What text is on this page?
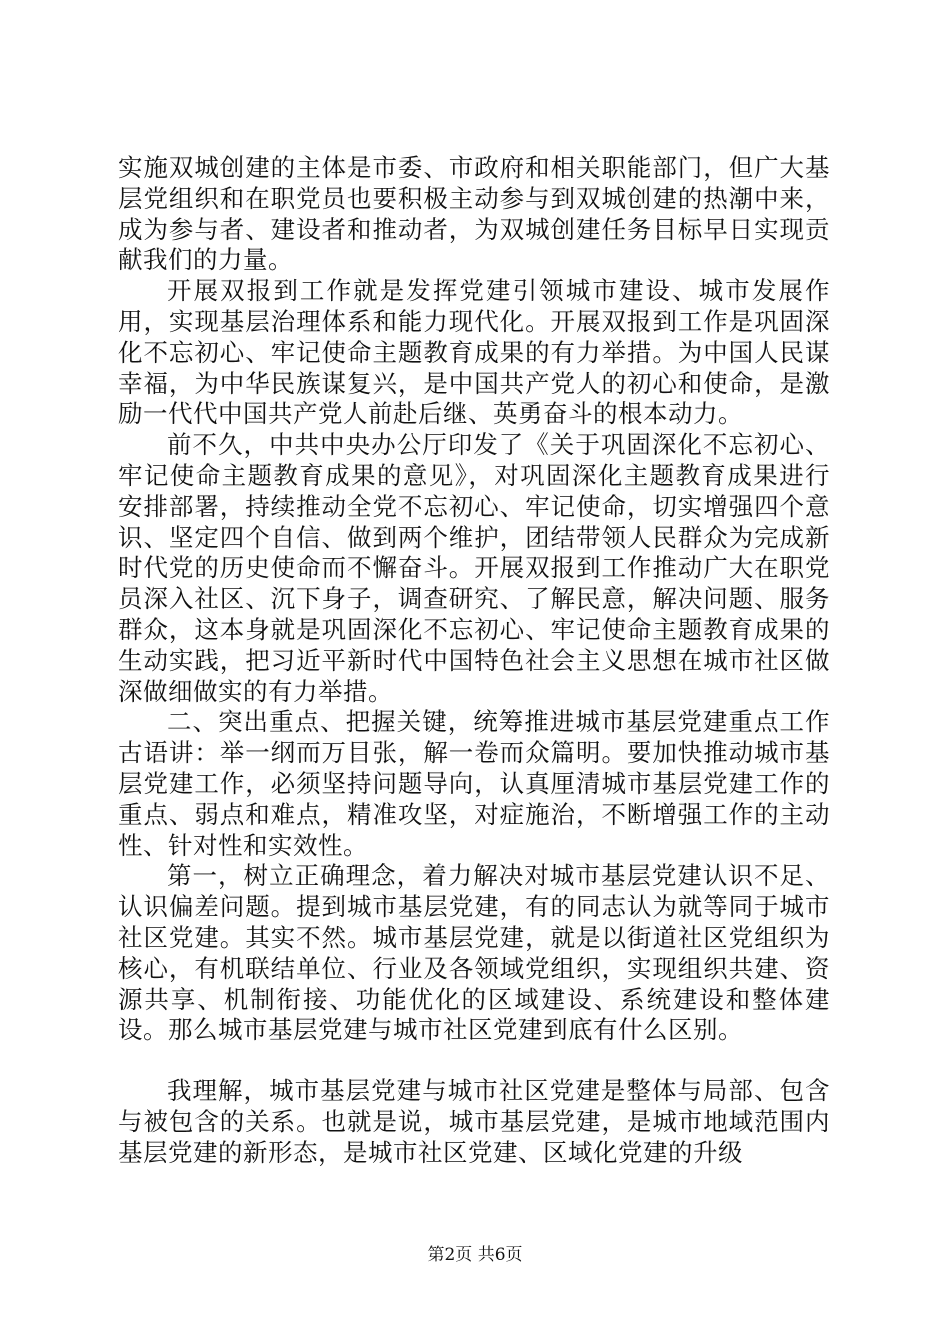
实施双城创建的主体是市委、市政府和相关职能部门，但广大基层党组织和在职党员也要积极主动参与到双城创建的热潮中来，成为参与者、建设者和推动者，为双城创建任务目标早日实现贡献我们的力量。

开展双报到工作就是发挥党建引领城市建设、城市发展作用，实现基层治理体系和能力现代化。开展双报到工作是巩固深化不忘初心、牢记使命主题教育成果的有力举措。为中国人民谋幸福，为中华民族谋复兴，是中国共产党人的初心和使命，是激励一代代中国共产党人前赴后继、英勇奋斗的根本动力。

前不久，中共中央办公厅印发了《关于巩固深化不忘初心、牢记使命主题教育成果的意见》，对巩固深化主题教育成果进行安排部署，持续推动全党不忘初心、牢记使命，切实增强四个意识、坚定四个自信、做到两个维护，团结带领人民群众为完成新时代党的历史使命而不懈奋斗。开展双报到工作推动广大在职党员深入社区、沉下身子，调查研究、了解民意，解决问题、服务群众，这本身就是巩固深化不忘初心、牢记使命主题教育成果的生动实践，把习近平新时代中国特色社会主义思想在城市社区做深做细做实的有力举措。

二、突出重点、把握关键，统筹推进城市基层党建重点工作古语讲：举一纲而万目张，解一卷而众篇明。要加快推动城市基层党建工作，必须坚持问题导向，认真厘清城市基层党建工作的重点、弱点和难点，精准攻坚，对症施治，不断增强工作的主动性、针对性和实效性。

第一，树立正确理念，着力解决对城市基层党建认识不足、认识偏差问题。提到城市基层党建，有的同志认为就等同于城市社区党建。其实不然。城市基层党建，就是以街道社区党组织为核心，有机联结单位、行业及各领域党组织，实现组织共建、资源共享、机制衔接、功能优化的区域建设、系统建设和整体建设。那么城市基层党建与城市社区党建到底有什么区别。

我理解，城市基层党建与城市社区党建是整体与局部、包含与被包含的关系。也就是说，城市基层党建，是城市地域范围内基层党建的新形态，是城市社区党建、区域化党建的升级

第2页 共6页
